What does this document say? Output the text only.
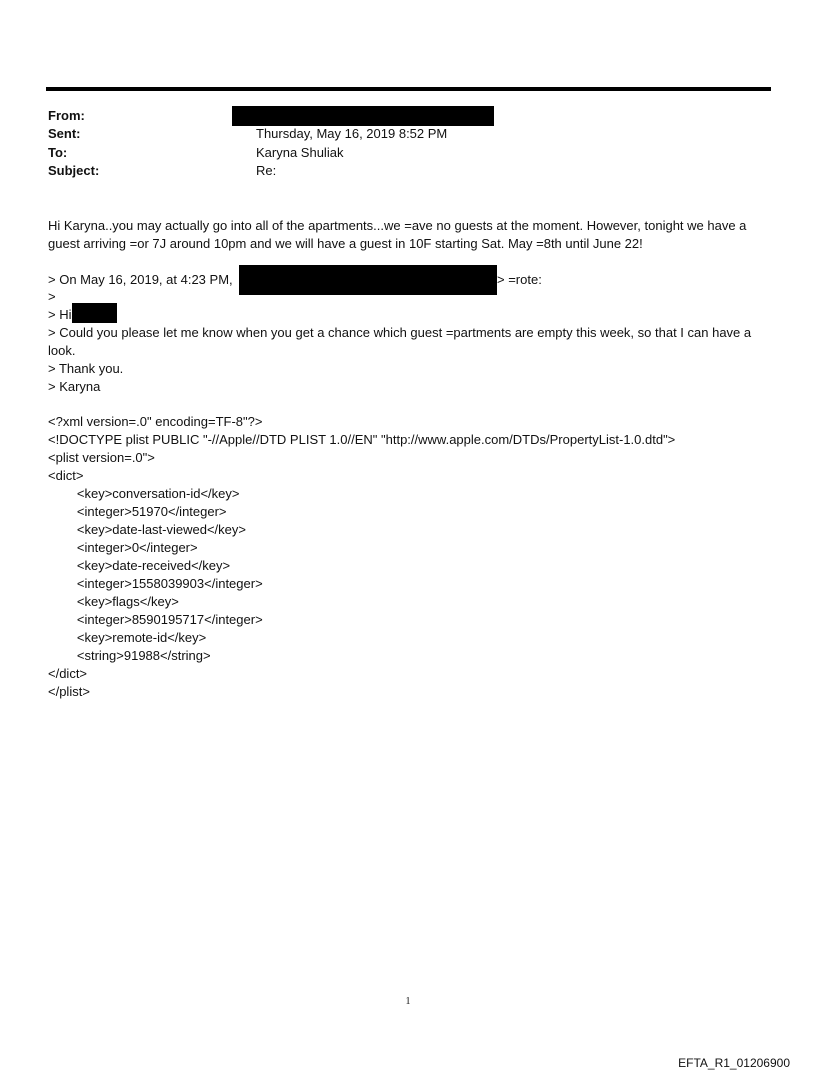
From:
Sent:	Thursday, May 16, 2019 8:52 PM
To:	Karyna Shuliak
Subject:	Re:
Hi Karyna..you may actually go into all of the apartments...we =ave no guests at the moment. However, tonight we have a guest arriving =or 7J around 10pm and we will have a guest in 10F starting Sat. May =8th until June 22!
> On May 16, 2019, at 4:23 PM,	> =rote:
>
> Hi
> Could you please let me know when you get a chance which guest =partments are empty this week, so that I can have a look.
> Thank you.
> Karyna
<?xml version=.0" encoding=TF-8"?>
<!DOCTYPE plist PUBLIC "-//Apple//DTD PLIST 1.0//EN" "http://www.apple.com/DTDs/PropertyList-1.0.dtd">
<plist version=.0">
<dict>
<key>conversation-id</key>
<integer>51970</integer>
<key>date-last-viewed</key>
<integer>0</integer>
<key>date-received</key>
<integer>1558039903</integer>
<key>flags</key>
<integer>8590195717</integer>
<key>remote-id</key>
<string>91988</string>
</dict>
</plist>
1
EFTA_R1_01206900
